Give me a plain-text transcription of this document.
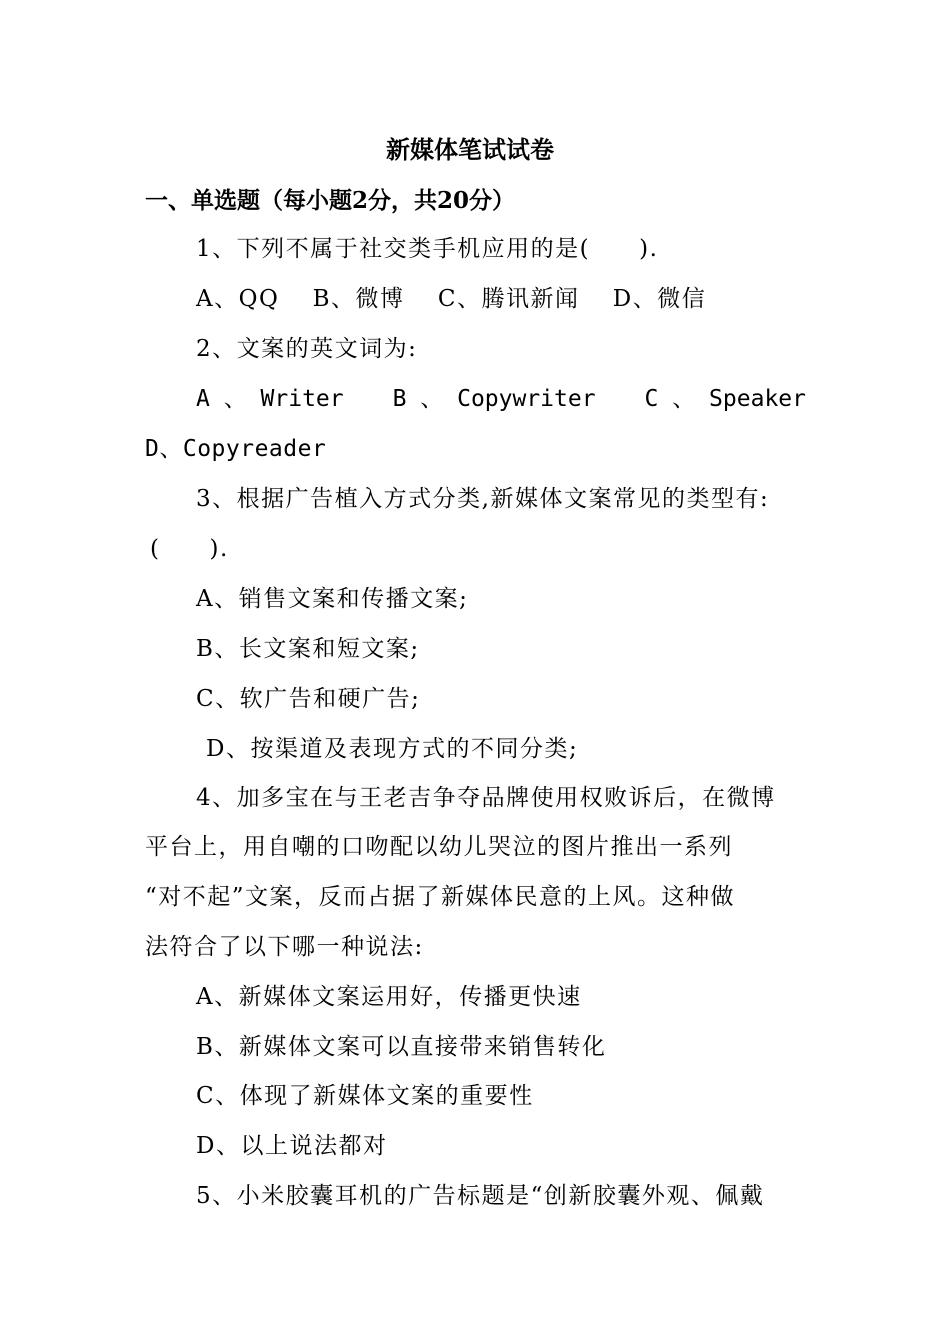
新媒体笔试试卷
一、单选题（每小题2分，共20分）
1、下列不属于社交类手机应用的是(　　).
A、QQ　 B、微博　 C、腾讯新闻　 D、微信
2、文案的英文词为:
A 、 Writer B 、 Copywriter C 、 Speaker
D、Copyreader
3、根据广告植入方式分类,新媒体文案常见的类型有:
(　　).
A、销售文案和传播文案;
B、长文案和短文案;
C、软广告和硬广告;
D、按渠道及表现方式的不同分类;
4、加多宝在与王老吉争夺品牌使用权败诉后，在微博
平台上，用自嘲的口吻配以幼儿哭泣的图片推出一系列
“对不起”文案，反而占据了新媒体民意的上风。这种做
法符合了以下哪一种说法:
A、新媒体文案运用好，传播更快速
B、新媒体文案可以直接带来销售转化
C、体现了新媒体文案的重要性
D、以上说法都对
5、小米胶囊耳机的广告标题是“创新胶囊外观、佩戴
